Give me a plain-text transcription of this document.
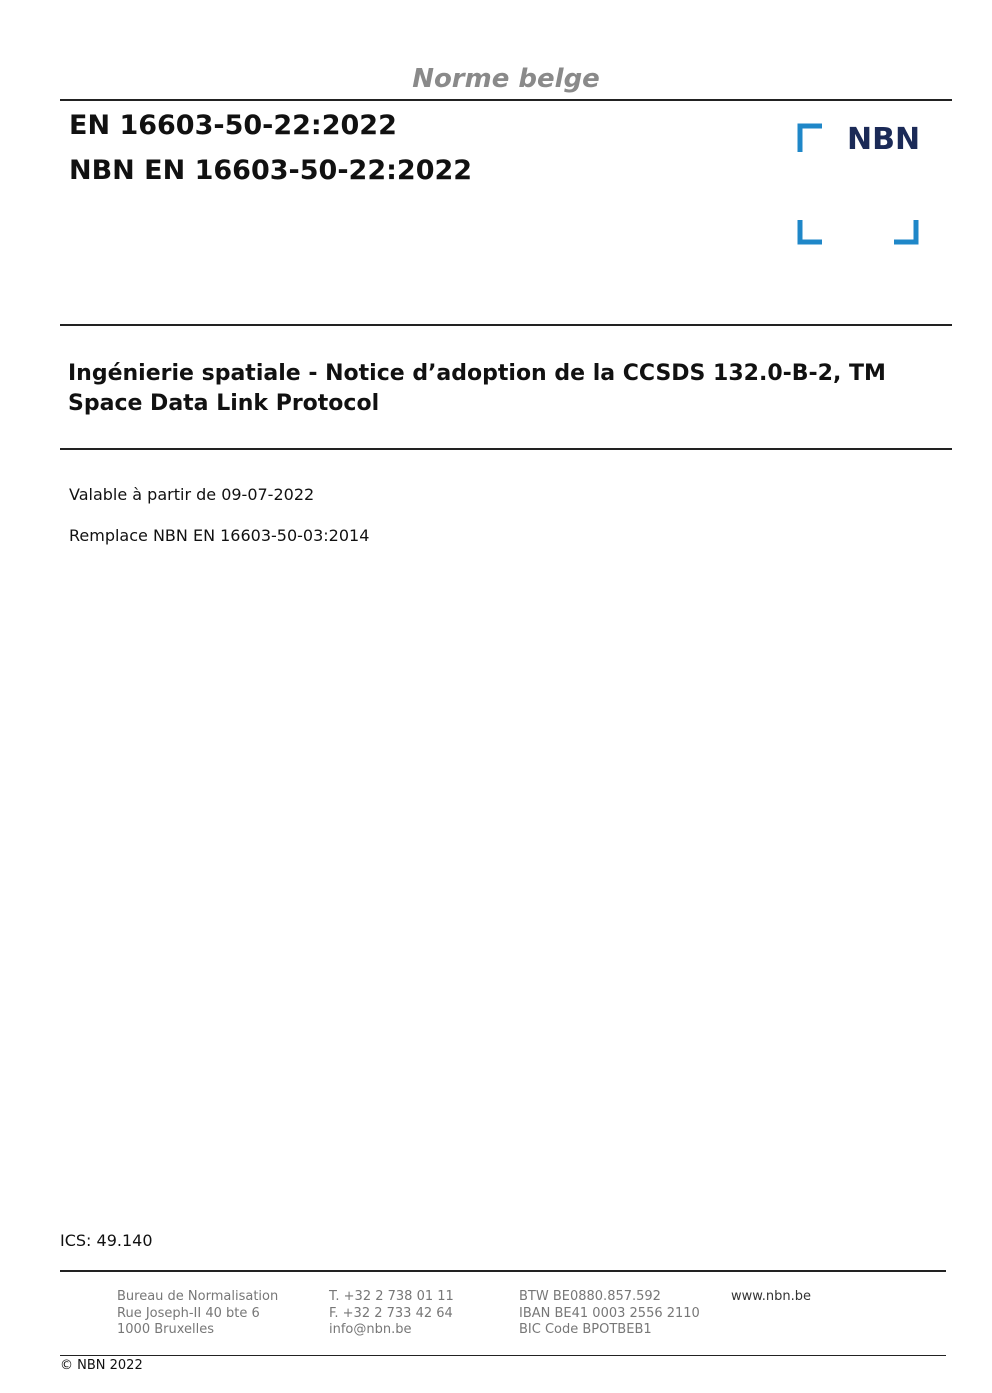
Norme belge
EN 16603-50-22:2022
NBN EN 16603-50-22:2022
NBN
Ingénierie spatiale - Notice d’adoption de la CCSDS 132.0-B-2, TM
Space Data Link Protocol
Valable à partir de 09-07-2022
Remplace NBN EN 16603-50-03:2014
ICS: 49.140
Bureau de Normalisation
Rue Joseph-II 40 bte 6
1000 Bruxelles
T. +32 2 738 01 11
F. +32 2 733 42 64
info@nbn.be
BTW BE0880.857.592
IBAN BE41 0003 2556 2110
BIC Code BPOTBEB1
www.nbn.be
© NBN 2022
